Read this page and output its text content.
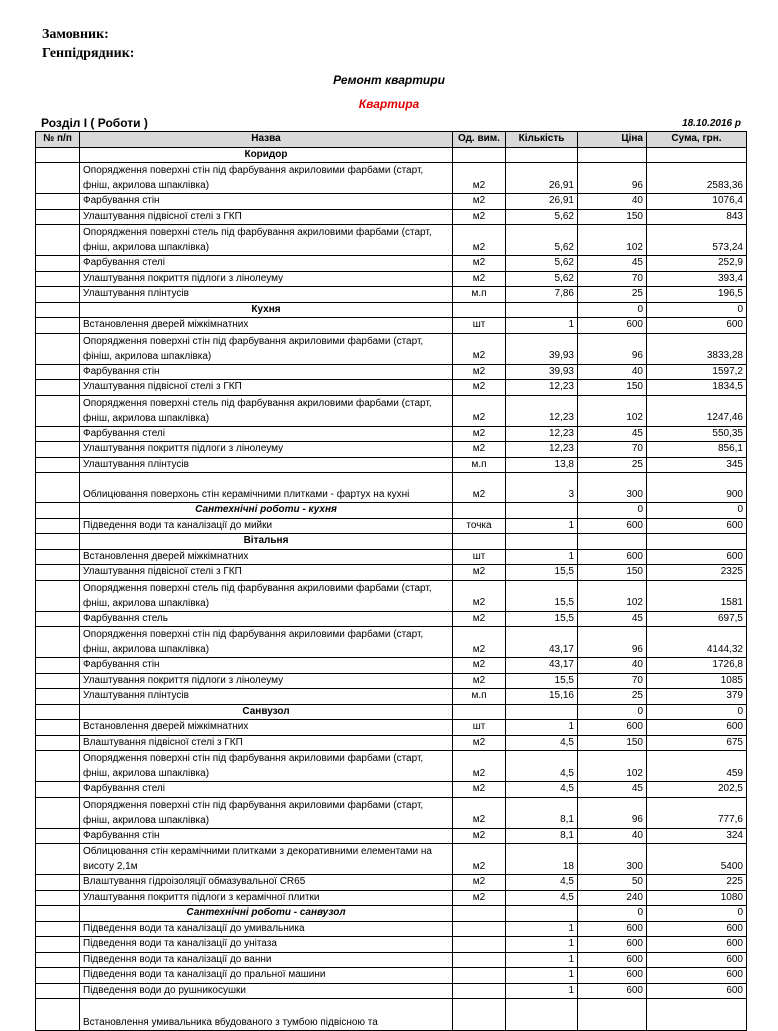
Замовник:
Генпідрядник:
Ремонт квартири
Квартира
Розділ І ( Роботи )	18.10.2016 р
№ п/п	Назва	Од. вим.	Кількість	Ціна	Сума, грн.
	Коридор				
	Опорядження поверхні стін під фарбування акриловими фарбами (старт, фніш, акрилова шпаклівка)	м2	26,91	96	2583,36
	Фарбування стін	м2	26,91	40	1076,4
	Улаштування підвісної стелі з ГКП	м2	5,62	150	843
	Опорядження поверхні стель під фарбування акриловими фарбами (старт, фніш, акрилова шпаклівка)	м2	5,62	102	573,24
	Фарбування стелі	м2	5,62	45	252,9
	Улаштування покриття підлоги з лінолеуму	м2	5,62	70	393,4
	Улаштування плінтусів	м.п	7,86	25	196,5
	Кухня			0	0
	Встановлення дверей міжкімнатних	шт	1	600	600
	Опорядження поверхні стін під фарбування акриловими фарбами (старт, фініш, акрилова шпаклівка)	м2	39,93	96	3833,28
	Фарбування стін	м2	39,93	40	1597,2
	Улаштування підвісної стелі з ГКП	м2	12,23	150	1834,5
	Опорядження поверхні стель під фарбування акриловими фарбами (старт, фніш, акрилова шпаклівка)	м2	12,23	102	1247,46
	Фарбування стелі	м2	12,23	45	550,35
	Улаштування покриття підлоги з лінолеуму	м2	12,23	70	856,1
	Улаштування плінтусів	м.п	13,8	25	345
	Облицювання поверхонь стін керамічними плитками - фартух на кухні	м2	3	300	900
	Сантехнічні роботи - кухня			0	0
	Підведення води та каналізації до мийки	точка	1	600	600
	Вітальня				
	Встановлення дверей міжкімнатних	шт	1	600	600
	Улаштування підвісної стелі з ГКП	м2	15,5	150	2325
	Опорядження поверхні стель під фарбування акриловими фарбами (старт, фніш, акрилова шпаклівка)	м2	15,5	102	1581
	Фарбування стель	м2	15,5	45	697,5
	Опорядження поверхні стін під фарбування акриловими фарбами (старт, фніш, акрилова шпаклівка)	м2	43,17	96	4144,32
	Фарбування стін	м2	43,17	40	1726,8
	Улаштування покриття підлоги з лінолеуму	м2	15,5	70	1085
	Улаштування плінтусів	м.п	15,16	25	379
	Санвузол			0	0
	Встановлення дверей міжкімнатних	шт	1	600	600
	Влаштування підвісної стелі з ГКП	м2	4,5	150	675
	Опорядження поверхні стін під фарбування акриловими фарбами (старт, фніш, акрилова шпаклівка)	м2	4,5	102	459
	Фарбування стелі	м2	4,5	45	202,5
	Опорядження поверхні стін під фарбування акриловими фарбами (старт, фніш, акрилова шпаклівка)	м2	8,1	96	777,6
	Фарбування стін	м2	8,1	40	324
	Облицювання стін керамічними плитками з декоративними елементами на висоту 2,1м	м2	18	300	5400
	Влаштування гідроізоляції обмазувальної CR65	м2	4,5	50	225
	Улаштування покриття підлоги з керамічної плитки	м2	4,5	240	1080
	Сантехнічні роботи - санвузол			0	0
	Підведення води та каналізації до умивальника		1	600	600
	Підведення води та каналізації до унітаза		1	600	600
	Підведення води та каналізації до ванни		1	600	600
	Підведення води та каналізації до пральної машини		1	600	600
	Підведення води до рушникосушки		1	600	600
	Встановлення умивальника вбудованого з тумбою підвісною та				
